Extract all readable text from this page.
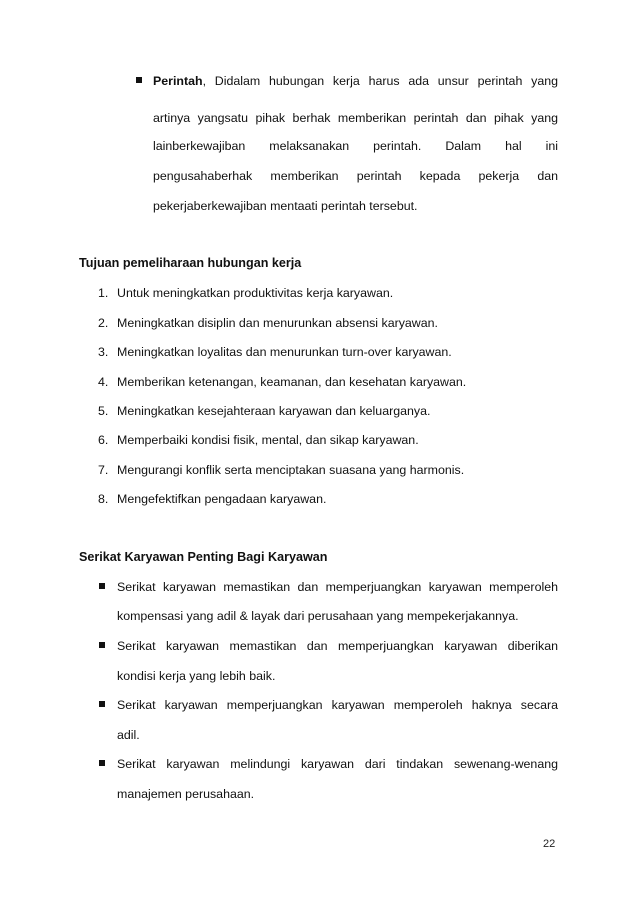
Perintah, Didalam hubungan kerja harus ada unsur perintah yang
artinya yangsatu pihak berhak memberikan perintah dan pihak yang
lainberkewajiban melaksanakan perintah. Dalam hal ini
pengusahaberhak memberikan perintah kepada pekerja dan
pekerjaberkewajiban mentaati perintah tersebut.
Tujuan pemeliharaan hubungan kerja
1. Untuk meningkatkan produktivitas kerja karyawan.
2. Meningkatkan disiplin dan menurunkan absensi karyawan.
3. Meningkatkan loyalitas dan menurunkan turn-over karyawan.
4. Memberikan ketenangan, keamanan, dan kesehatan karyawan.
5. Meningkatkan kesejahteraan karyawan dan keluarganya.
6. Memperbaiki kondisi fisik, mental, dan sikap karyawan.
7. Mengurangi konflik serta menciptakan suasana yang harmonis.
8. Mengefektifkan pengadaan karyawan.
Serikat Karyawan Penting Bagi Karyawan
Serikat karyawan memastikan dan memperjuangkan karyawan memperoleh
kompensasi yang adil & layak dari perusahaan yang mempekerjakannya.
Serikat karyawan memastikan dan memperjuangkan karyawan diberikan
kondisi kerja yang lebih baik.
Serikat karyawan memperjuangkan karyawan memperoleh haknya secara
adil.
Serikat karyawan melindungi karyawan dari tindakan sewenang-wenang
manajemen perusahaan.
22
